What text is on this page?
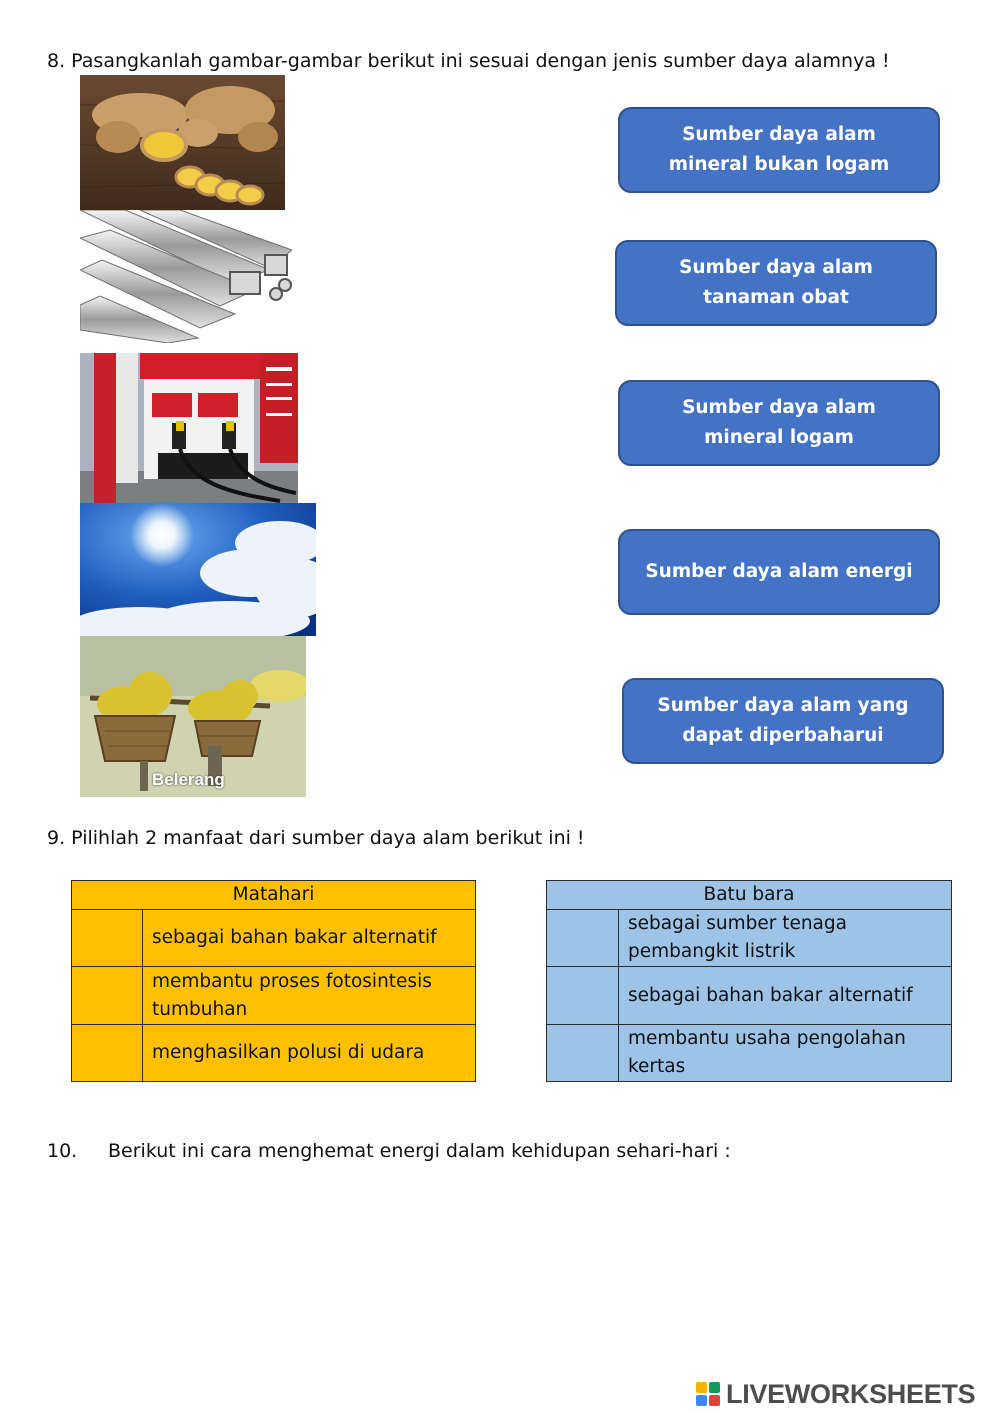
8. Pasangkanlah gambar-gambar berikut ini sesuai dengan jenis sumber daya alamnya !
Belerang
Sumber daya alam mineral bukan logam
Sumber daya alam tanaman obat
Sumber daya alam mineral logam
Sumber daya alam energi
Sumber daya alam yang dapat diperbaharui
9. Pilihlah 2 manfaat dari sumber daya alam berikut ini !
Matahari	
	sebagai bahan bakar alternatif
	membantu proses fotosintesis tumbuhan
	menghasilkan polusi di udara
Batu bara	
	sebagai sumber tenaga pembangkit listrik
	sebagai bahan bakar alternatif
	membantu usaha pengolahan kertas
10. Berikut ini cara menghemat energi dalam kehidupan sehari-hari :
LIVEWORKSHEETS
